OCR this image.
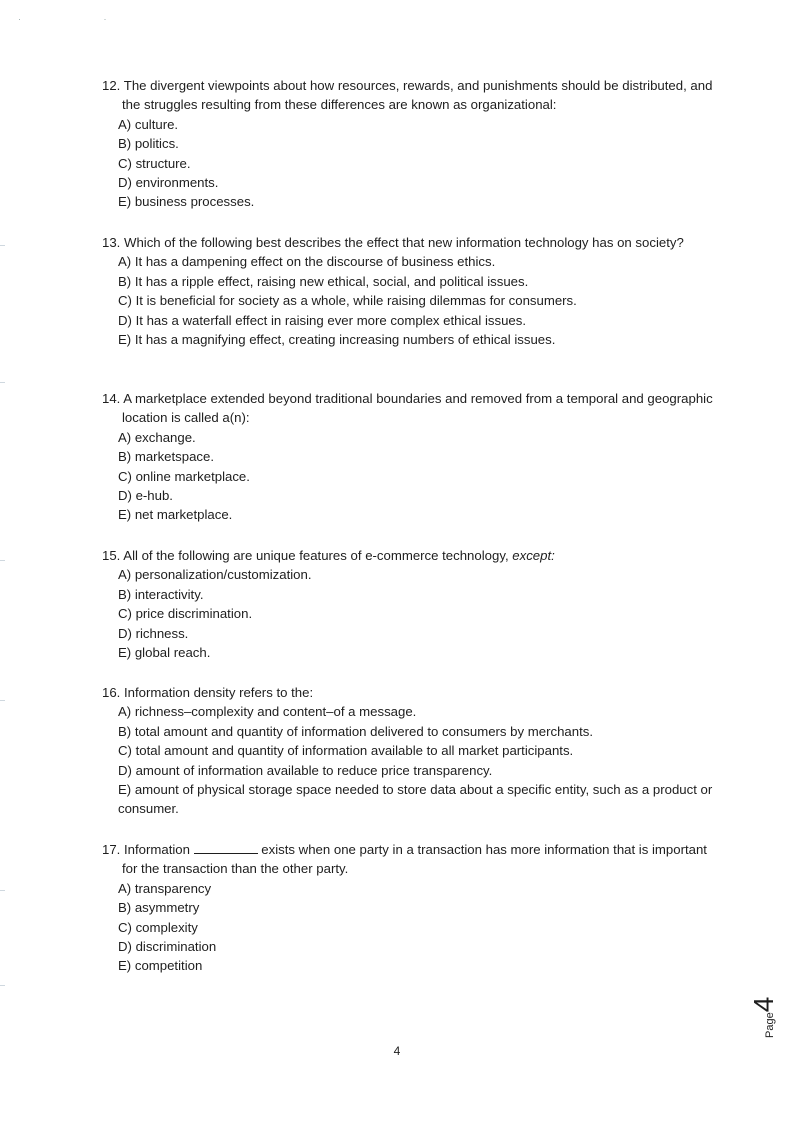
· ·

12. The divergent viewpoints about how resources, rewards, and punishments should be distributed, and the struggles resulting from these differences are known as organizational:

A) culture.
B) politics.
C) structure.
D) environments.
E) business processes.

13. Which of the following best describes the effect that new information technology has on society?

A) It has a dampening effect on the discourse of business ethics.
B) It has a ripple effect, raising new ethical, social, and political issues.
C) It is beneficial for society as a whole, while raising dilemmas for consumers.
D) It has a waterfall effect in raising ever more complex ethical issues.
E) It has a magnifying effect, creating increasing numbers of ethical issues.

14. A marketplace extended beyond traditional boundaries and removed from a temporal and geographic location is called a(n):

A) exchange.
B) marketspace.
C) online marketplace.
D) e-hub.
E) net marketplace.

15. All of the following are unique features of e-commerce technology, except:

A) personalization/customization.
B) interactivity.
C) price discrimination.
D) richness.
E) global reach.

16. Information density refers to the:

A) richness–complexity and content–of a message.
B) total amount and quantity of information delivered to consumers by merchants.
C) total amount and quantity of information available to all market participants.
D) amount of information available to reduce price transparency.
E) amount of physical storage space needed to store data about a specific entity, such as a product or consumer.

17. Information	exists when one party in a transaction has more information that is important for the transaction than the other party.

A) transparency
B) asymmetry
C) complexity
D) discrimination
E) competition
Page4
4
